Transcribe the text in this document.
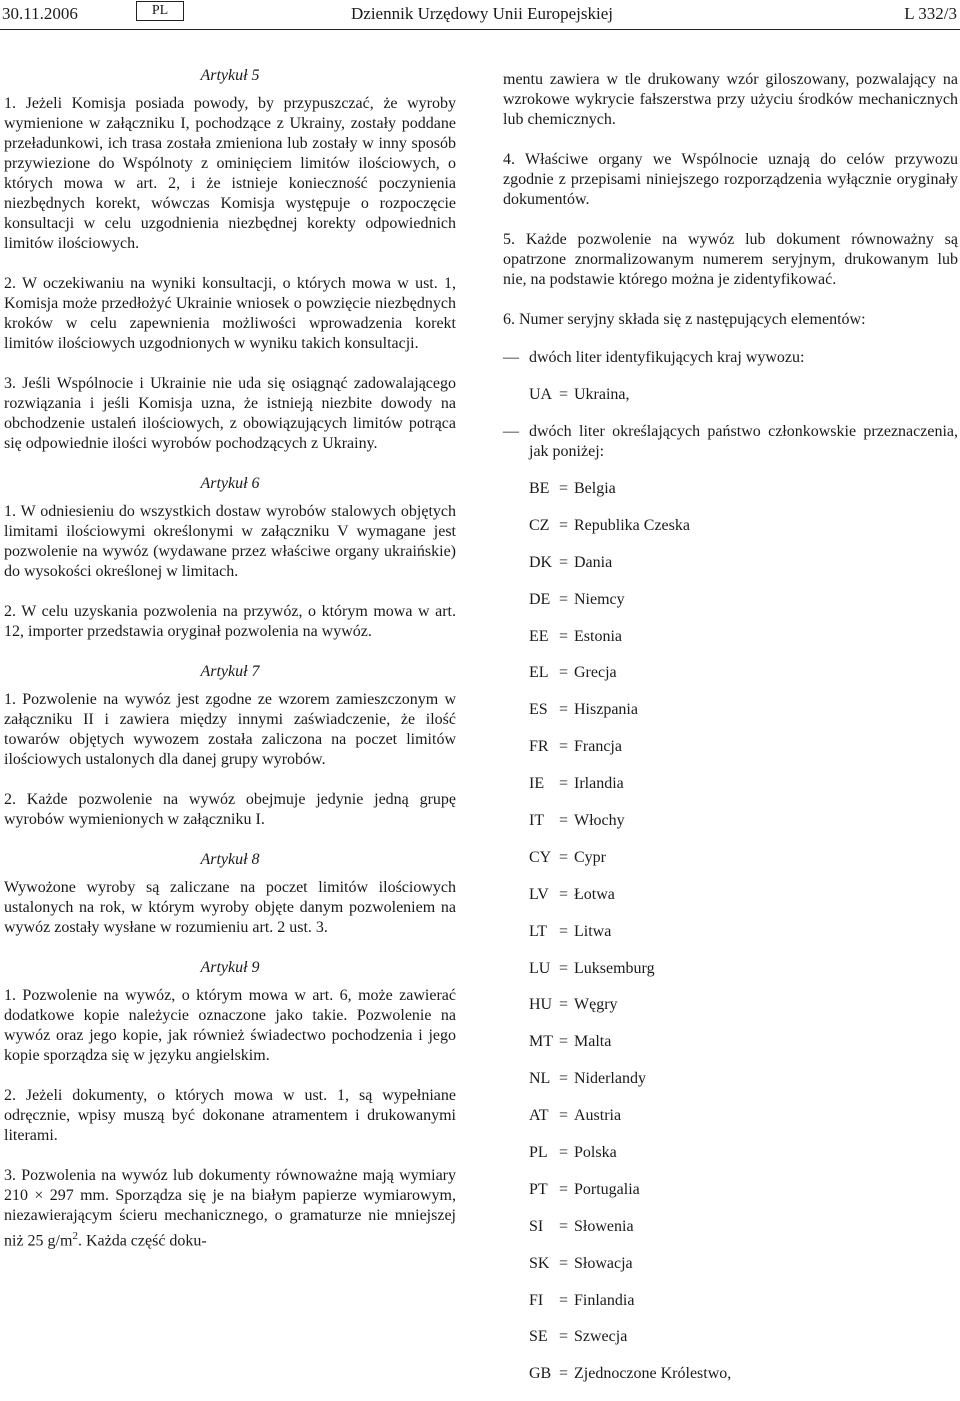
30.11.2006	PL	Dziennik Urzędowy Unii Europejskiej	L 332/3
Artykuł 5
1. Jeżeli Komisja posiada powody, by przypuszczać, że wyroby wymienione w załączniku I, pochodzące z Ukrainy, zostały poddane przeładunkowi, ich trasa została zmieniona lub zostały w inny sposób przywiezione do Wspólnoty z ominięciem limitów ilościowych, o których mowa w art. 2, i że istnieje konieczność poczynienia niezbędnych korekt, wówczas Komisja występuje o rozpoczęcie konsultacji w celu uzgodnienia niezbędnej korekty odpowiednich limitów ilościowych.
2. W oczekiwaniu na wyniki konsultacji, o których mowa w ust. 1, Komisja może przedłożyć Ukrainie wniosek o powzięcie niezbędnych kroków w celu zapewnienia możliwości wprowadzenia korekt limitów ilościowych uzgodnionych w wyniku takich konsultacji.
3. Jeśli Wspólnocie i Ukrainie nie uda się osiągnąć zadowalającego rozwiązania i jeśli Komisja uzna, że istnieją niezbite dowody na obchodzenie ustaleń ilościowych, z obowiązujących limitów potrąca się odpowiednie ilości wyrobów pochodzących z Ukrainy.
Artykuł 6
1. W odniesieniu do wszystkich dostaw wyrobów stalowych objętych limitami ilościowymi określonymi w załączniku V wymagane jest pozwolenie na wywóz (wydawane przez właściwe organy ukraińskie) do wysokości określonej w limitach.
2. W celu uzyskania pozwolenia na przywóz, o którym mowa w art. 12, importer przedstawia oryginał pozwolenia na wywóz.
Artykuł 7
1. Pozwolenie na wywóz jest zgodne ze wzorem zamieszczonym w załączniku II i zawiera między innymi zaświadczenie, że ilość towarów objętych wywozem została zaliczona na poczet limitów ilościowych ustalonych dla danej grupy wyrobów.
2. Każde pozwolenie na wywóz obejmuje jedynie jedną grupę wyrobów wymienionych w załączniku I.
Artykuł 8
Wywożone wyroby są zaliczane na poczet limitów ilościowych ustalonych na rok, w którym wyroby objęte danym pozwoleniem na wywóz zostały wysłane w rozumieniu art. 2 ust. 3.
Artykuł 9
1. Pozwolenie na wywóz, o którym mowa w art. 6, może zawierać dodatkowe kopie należycie oznaczone jako takie. Pozwolenie na wywóz oraz jego kopie, jak również świadectwo pochodzenia i jego kopie sporządza się w języku angielskim.
2. Jeżeli dokumenty, o których mowa w ust. 1, są wypełniane odręcznie, wpisy muszą być dokonane atramentem i drukowanymi literami.
3. Pozwolenia na wywóz lub dokumenty równoważne mają wymiary 210 × 297 mm. Sporządza się je na białym papierze wymiarowym, niezawierającym ścieru mechanicznego, o gramaturze nie mniejszej niż 25 $g/m^2$. Każda część doku-
mentu zawiera w tle drukowany wzór giloszowany, pozwalający na wzrokowe wykrycie fałszerstwa przy użyciu środków mechanicznych lub chemicznych.
4. Właściwe organy we Wspólnocie uznają do celów przywozu zgodnie z przepisami niniejszego rozporządzenia wyłącznie oryginały dokumentów.
5. Każde pozwolenie na wywóz lub dokument równoważny są opatrzone znormalizowanym numerem seryjnym, drukowanym lub nie, na podstawie którego można je zidentyfikować.
6. Numer seryjny składa się z następujących elementów:
— dwóch liter identyfikujących kraj wywozu:
UA = Ukraina,
— dwóch liter określających państwo członkowskie przeznaczenia, jak poniżej:
BE = Belgia
CZ = Republika Czeska
DK = Dania
DE = Niemcy
EE = Estonia
EL = Grecja
ES = Hiszpania
FR = Francja
IE = Irlandia
IT = Włochy
CY = Cypr
LV = Łotwa
LT = Litwa
LU = Luksemburg
HU = Węgry
MT = Malta
NL = Niderlandy
AT = Austria
PL = Polska
PT = Portugalia
SI = Słowenia
SK = Słowacja
FI = Finlandia
SE = Szwecja
GB = Zjednoczone Królestwo,
